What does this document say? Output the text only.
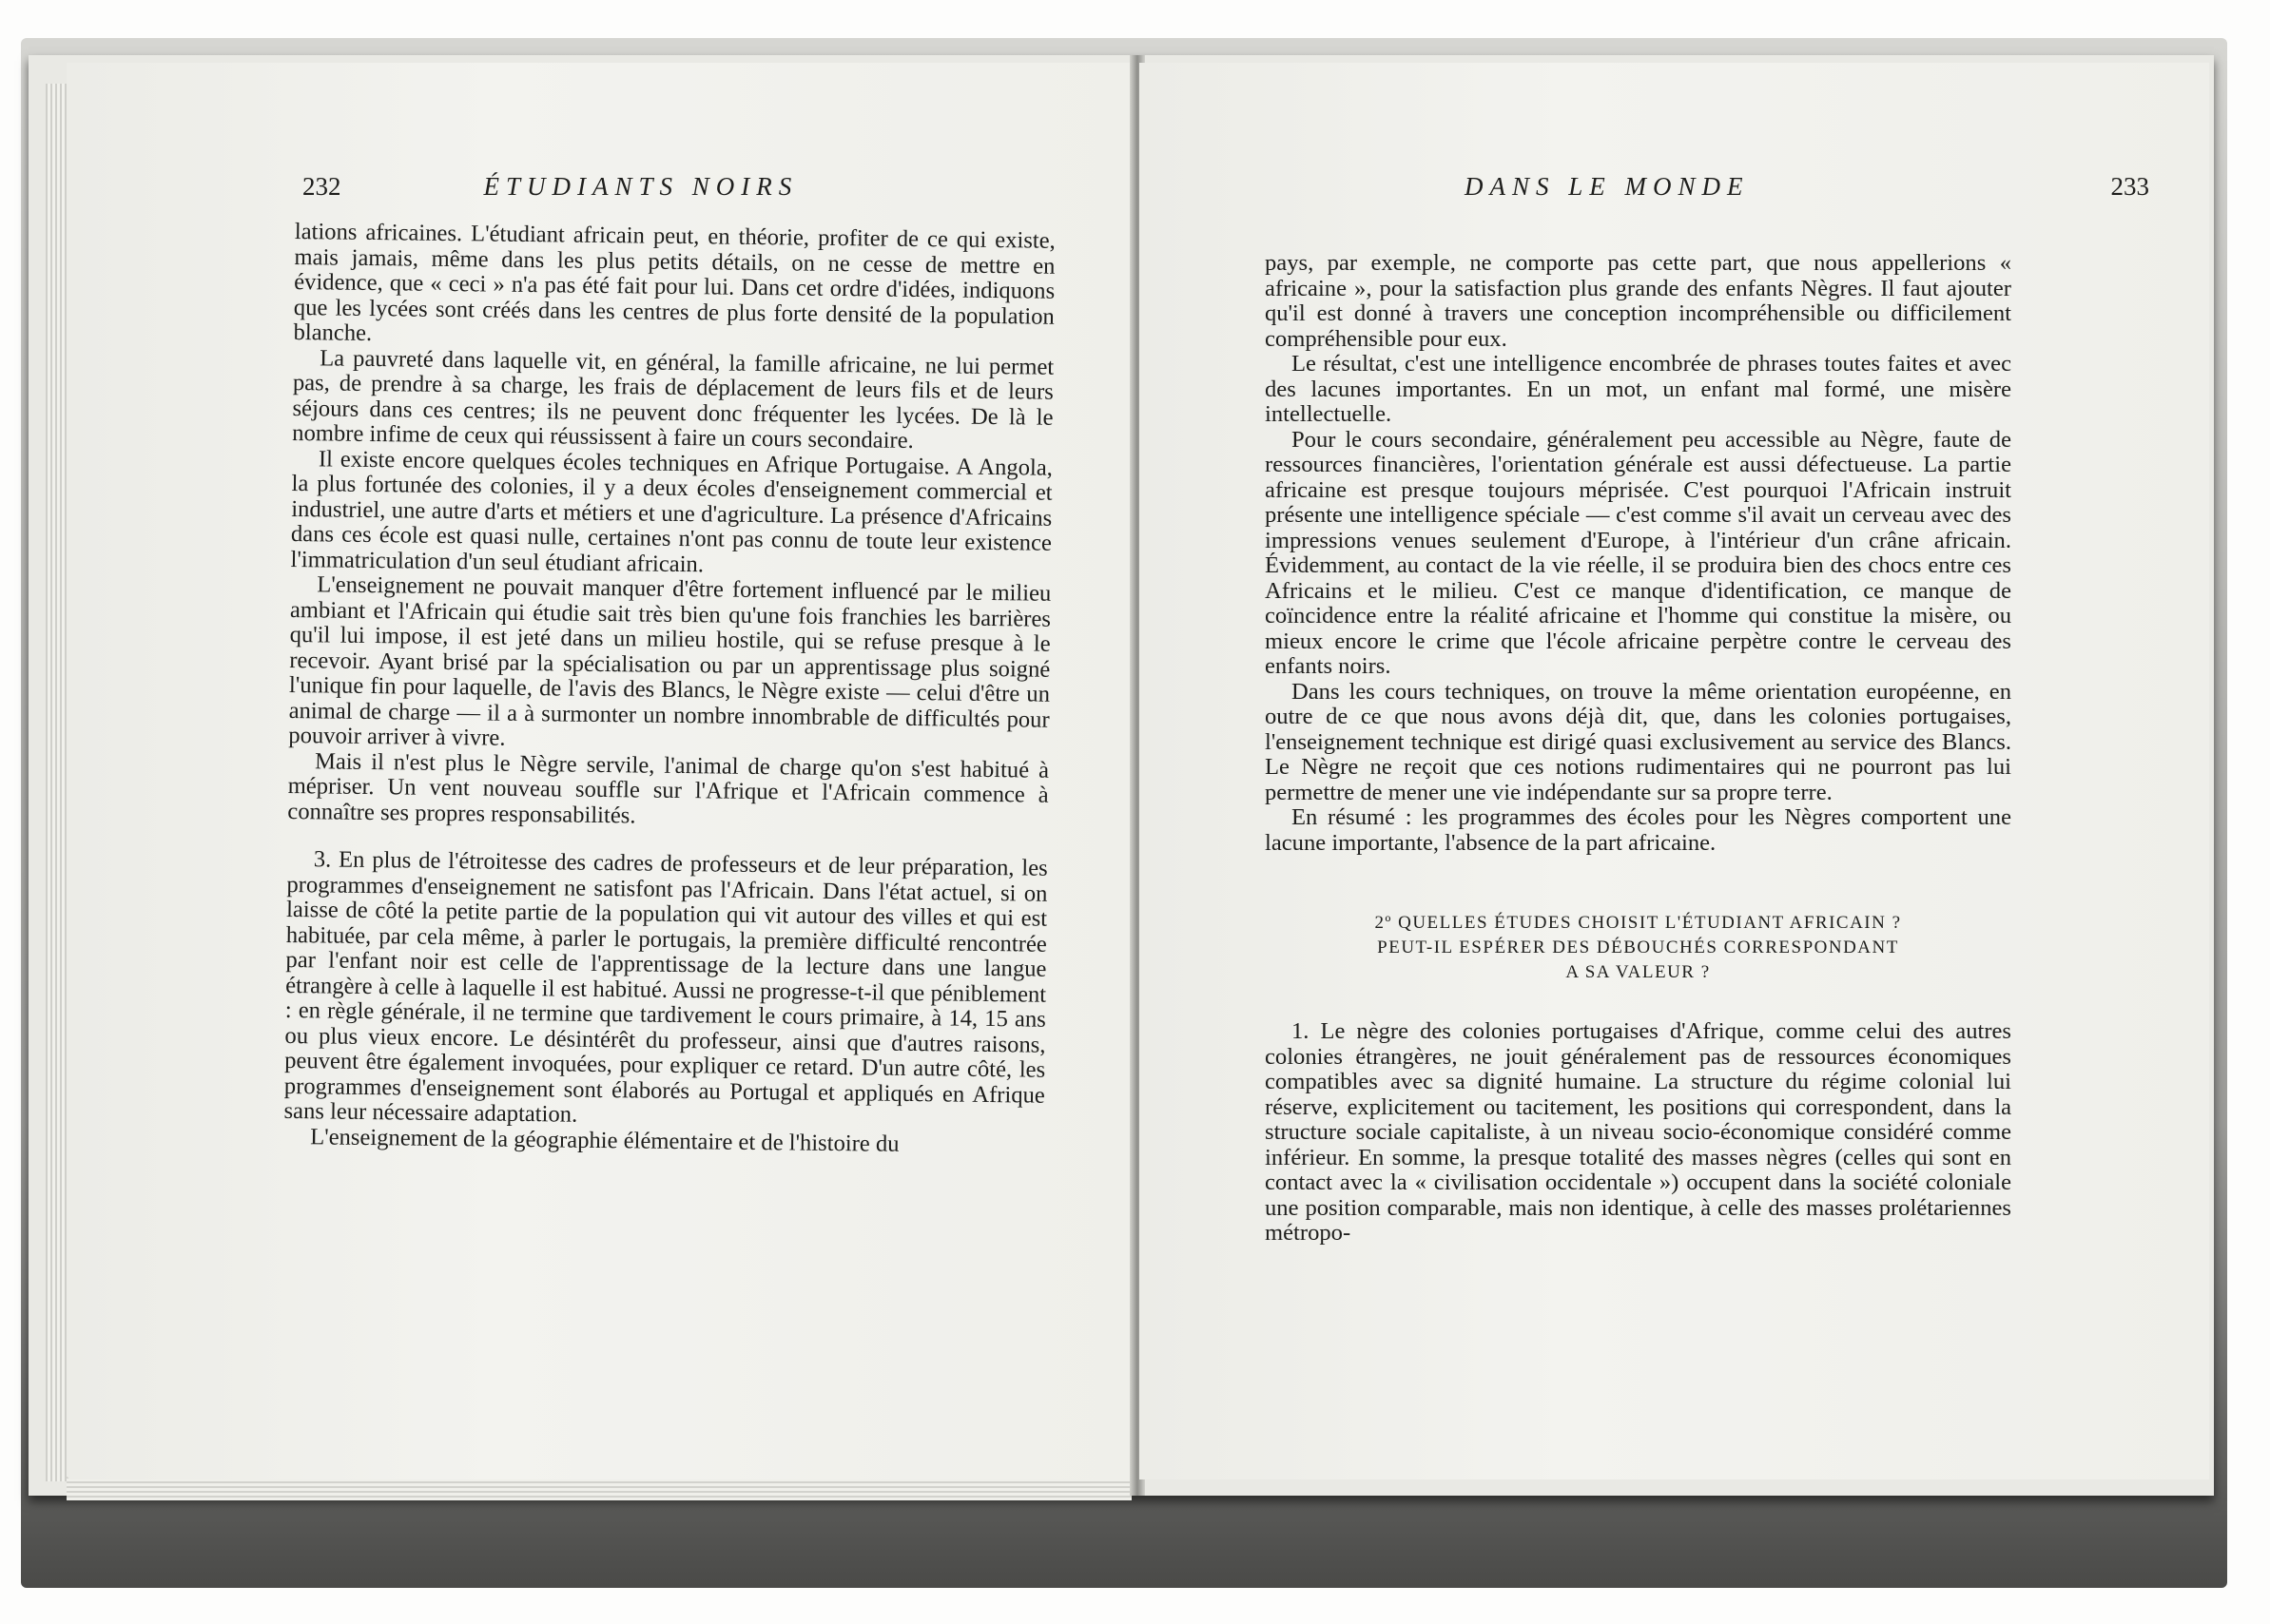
232	ÉTUDIANTS NOIRS

lations africaines. L'étudiant africain peut, en théorie, profiter de ce qui existe, mais jamais, même dans les plus petits détails, on ne cesse de mettre en évidence, que « ceci » n'a pas été fait pour lui. Dans cet ordre d'idées, indiquons que les lycées sont créés dans les centres de plus forte densité de la population blanche.

La pauvreté dans laquelle vit, en général, la famille africaine, ne lui permet pas, de prendre à sa charge, les frais de déplacement de leurs fils et de leurs séjours dans ces centres; ils ne peuvent donc fréquenter les lycées. De là le nombre infime de ceux qui réussissent à faire un cours secondaire.

Il existe encore quelques écoles techniques en Afrique Portugaise. A Angola, la plus fortunée des colonies, il y a deux écoles d'enseignement commercial et industriel, une autre d'arts et métiers et une d'agriculture. La présence d'Africains dans ces école est quasi nulle, certaines n'ont pas connu de toute leur existence l'immatriculation d'un seul étudiant africain.

L'enseignement ne pouvait manquer d'être fortement influencé par le milieu ambiant et l'Africain qui étudie sait très bien qu'une fois franchies les barrières qu'il lui impose, il est jeté dans un milieu hostile, qui se refuse presque à le recevoir. Ayant brisé par la spécialisation ou par un apprentissage plus soigné l'unique fin pour laquelle, de l'avis des Blancs, le Nègre existe — celui d'être un animal de charge — il a à surmonter un nombre innombrable de difficultés pour pouvoir arriver à vivre.

Mais il n'est plus le Nègre servile, l'animal de charge qu'on s'est habitué à mépriser. Un vent nouveau souffle sur l'Afrique et l'Africain commence à connaître ses propres responsabilités.

3. En plus de l'étroitesse des cadres de professeurs et de leur préparation, les programmes d'enseignement ne satisfont pas l'Africain. Dans l'état actuel, si on laisse de côté la petite partie de la population qui vit autour des villes et qui est habituée, par cela même, à parler le portugais, la première difficulté rencontrée par l'enfant noir est celle de l'apprentissage de la lecture dans une langue étrangère à celle à laquelle il est habitué. Aussi ne progresse-t-il que péniblement : en règle générale, il ne termine que tardivement le cours primaire, à 14, 15 ans ou plus vieux encore. Le désintérêt du professeur, ainsi que d'autres raisons, peuvent être également invoquées, pour expliquer ce retard. D'un autre côté, les programmes d'enseignement sont élaborés au Portugal et appliqués en Afrique sans leur nécessaire adaptation.

L'enseignement de la géographie élémentaire et de l'histoire du

DANS LE MONDE	233

pays, par exemple, ne comporte pas cette part, que nous appellerions « africaine », pour la satisfaction plus grande des enfants Nègres. Il faut ajouter qu'il est donné à travers une conception incompréhensible ou difficilement compréhensible pour eux.

Le résultat, c'est une intelligence encombrée de phrases toutes faites et avec des lacunes importantes. En un mot, un enfant mal formé, une misère intellectuelle.

Pour le cours secondaire, généralement peu accessible au Nègre, faute de ressources financières, l'orientation générale est aussi défectueuse. La partie africaine est presque toujours méprisée. C'est pourquoi l'Africain instruit présente une intelligence spéciale — c'est comme s'il avait un cerveau avec des impressions venues seulement d'Europe, à l'intérieur d'un crâne africain. Évidemment, au contact de la vie réelle, il se produira bien des chocs entre ces Africains et le milieu. C'est ce manque d'identification, ce manque de coïncidence entre la réalité africaine et l'homme qui constitue la misère, ou mieux encore le crime que l'école africaine perpètre contre le cerveau des enfants noirs.

Dans les cours techniques, on trouve la même orientation européenne, en outre de ce que nous avons déjà dit, que, dans les colonies portugaises, l'enseignement technique est dirigé quasi exclusivement au service des Blancs. Le Nègre ne reçoit que ces notions rudimentaires qui ne pourront pas lui permettre de mener une vie indépendante sur sa propre terre.

En résumé : les programmes des écoles pour les Nègres comportent une lacune importante, l'absence de la part africaine.

2º QUELLES ÉTUDES CHOISIT L'ÉTUDIANT AFRICAIN ?
PEUT-IL ESPÉRER DES DÉBOUCHÉS CORRESPONDANT
A SA VALEUR ?

1. Le nègre des colonies portugaises d'Afrique, comme celui des autres colonies étrangères, ne jouit généralement pas de ressources économiques compatibles avec sa dignité humaine. La structure du régime colonial lui réserve, explicitement ou tacitement, les positions qui correspondent, dans la structure sociale capitaliste, à un niveau socio-économique considéré comme inférieur. En somme, la presque totalité des masses nègres (celles qui sont en contact avec la « civilisation occidentale ») occupent dans la société coloniale une position comparable, mais non identique, à celle des masses prolétariennes métropo-
